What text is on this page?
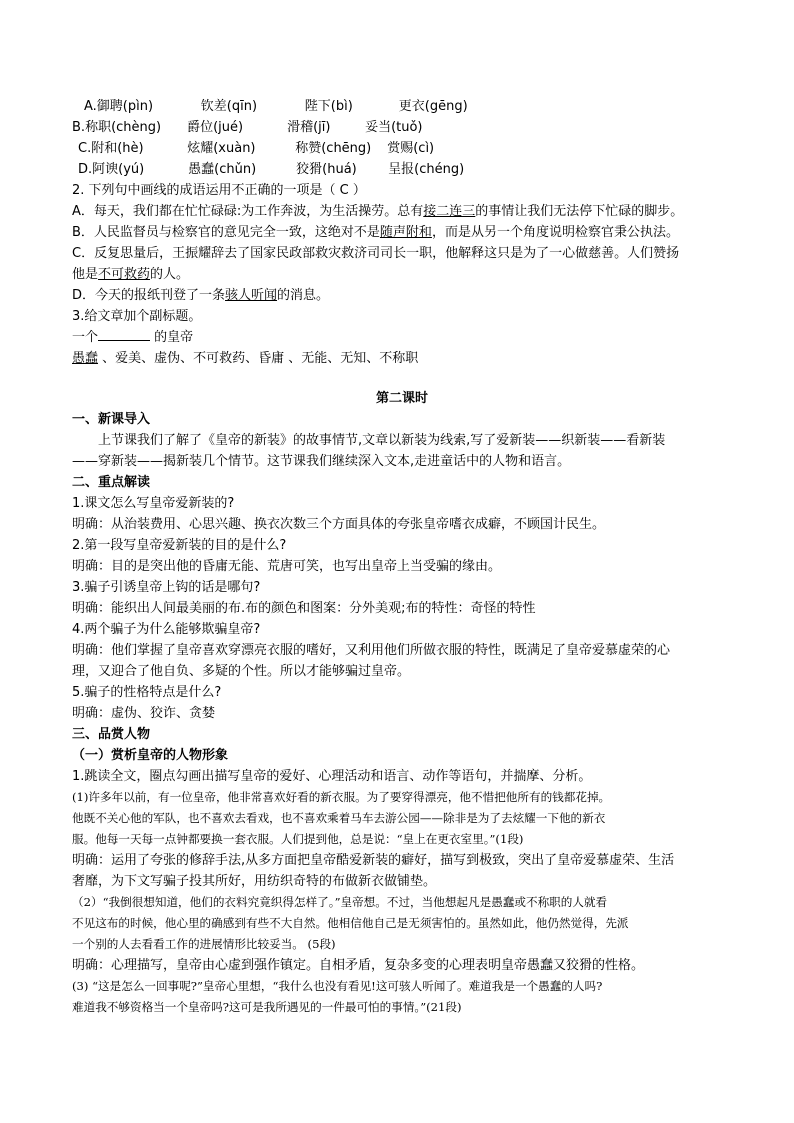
A.御聘(pìn)	钦差(qīn)	陛下(bì)	更衣(gēng)
B.称职(chèng) 爵位(jué)	滑稽(jī)	妥当(tuǒ)
C.附和(hè)	炫耀(xuàn)	称赞(chēng) 赏赐(cì)
D.阿谀(yú)	愚蠢(chǔn)	狡猾(huá) 呈报(chéng)
2. 下列句中画线的成语运用不正确的一项是（ C ）
A．每天，我们都在忙忙碌碌:为工作奔波，为生活操劳。总有接二连三的事情让我们无法停下忙碌的脚步。
B．人民监督员与检察官的意见完全一致，这绝对不是随声附和，而是从另一个角度说明检察官秉公执法。
C．反复思量后，王振耀辞去了国家民政部救灾救济司司长一职，他解释这只是为了一心做慈善。人们赞扬
他是不可救药的人。
D．今天的报纸刊登了一条骇人听闻的消息。
3.给文章加个副标题。
一个	的皇帝
愚蠢 、爱美、虚伪、不可救药、昏庸 、无能、无知、不称职
第二课时
一、新课导入
上节课我们了解了《皇帝的新装》的故事情节,文章以新装为线索,写了爱新装——织新装——看新装
——穿新装——揭新装几个情节。这节课我们继续深入文本,走进童话中的人物和语言。
二、重点解读
1.课文怎么写皇帝爱新装的?
明确：从治装费用、心思兴趣、换衣次数三个方面具体的夸张皇帝嗜衣成癖，不顾国计民生。
2.第一段写皇帝爱新装的目的是什么?
明确：目的是突出他的昏庸无能、荒唐可笑，也写出皇帝上当受骗的缘由。
3.骗子引诱皇帝上钩的话是哪句?
明确：能织出人间最美丽的布.布的颜色和图案：分外美观;布的特性：奇怪的特性
4.两个骗子为什么能够欺骗皇帝?
明确：他们掌握了皇帝喜欢穿漂亮衣服的嗜好，又利用他们所做衣服的特性，既满足了皇帝爱慕虚荣的心
理，又迎合了他自负、多疑的个性。所以才能够骗过皇帝。
5.骗子的性格特点是什么?
明确：虚伪、狡诈、贪婪
三、品赏人物
（一）赏析皇帝的人物形象
1.跳读全文，圈点勾画出描写皇帝的爱好、心理活动和语言、动作等语句，并揣摩、分析。
(1)许多年以前，有一位皇帝，他非常喜欢好看的新衣服。为了要穿得漂亮，他不惜把他所有的钱都花掉。
他既不关心他的军队，也不喜欢去看戏，也不喜欢乘着马车去游公园——除非是为了去炫耀一下他的新衣
服。他每一天每一点钟都要换一套衣服。人们提到他，总是说：“皇上在更衣室里。”(1段)
明确：运用了夸张的修辞手法,从多方面把皇帝酷爱新装的癖好，描写到极致，突出了皇帝爱慕虚荣、生活
奢靡，为下文写骗子投其所好，用纺织奇特的布做新衣做铺垫。
（2）“我倒很想知道，他们的衣料究竟织得怎样了。”皇帝想。不过，当他想起凡是愚蠢或不称职的人就看
不见这布的时候，他心里的确感到有些不大自然。他相信他自己是无须害怕的。虽然如此，他仍然觉得，先派
一个别的人去看看工作的进展情形比较妥当。 (5段)
明确：心理描写，皇帝由心虚到强作镇定。自相矛盾，复杂多变的心理表明皇帝愚蠢又狡猾的性格。
(3) “这是怎么一回事呢?”皇帝心里想，“我什么也没有看见!这可骇人听闻了。难道我是一个愚蠢的人吗?
难道我不够资格当一个皇帝吗?这可是我所遇见的一件最可怕的事情。”(21段)
